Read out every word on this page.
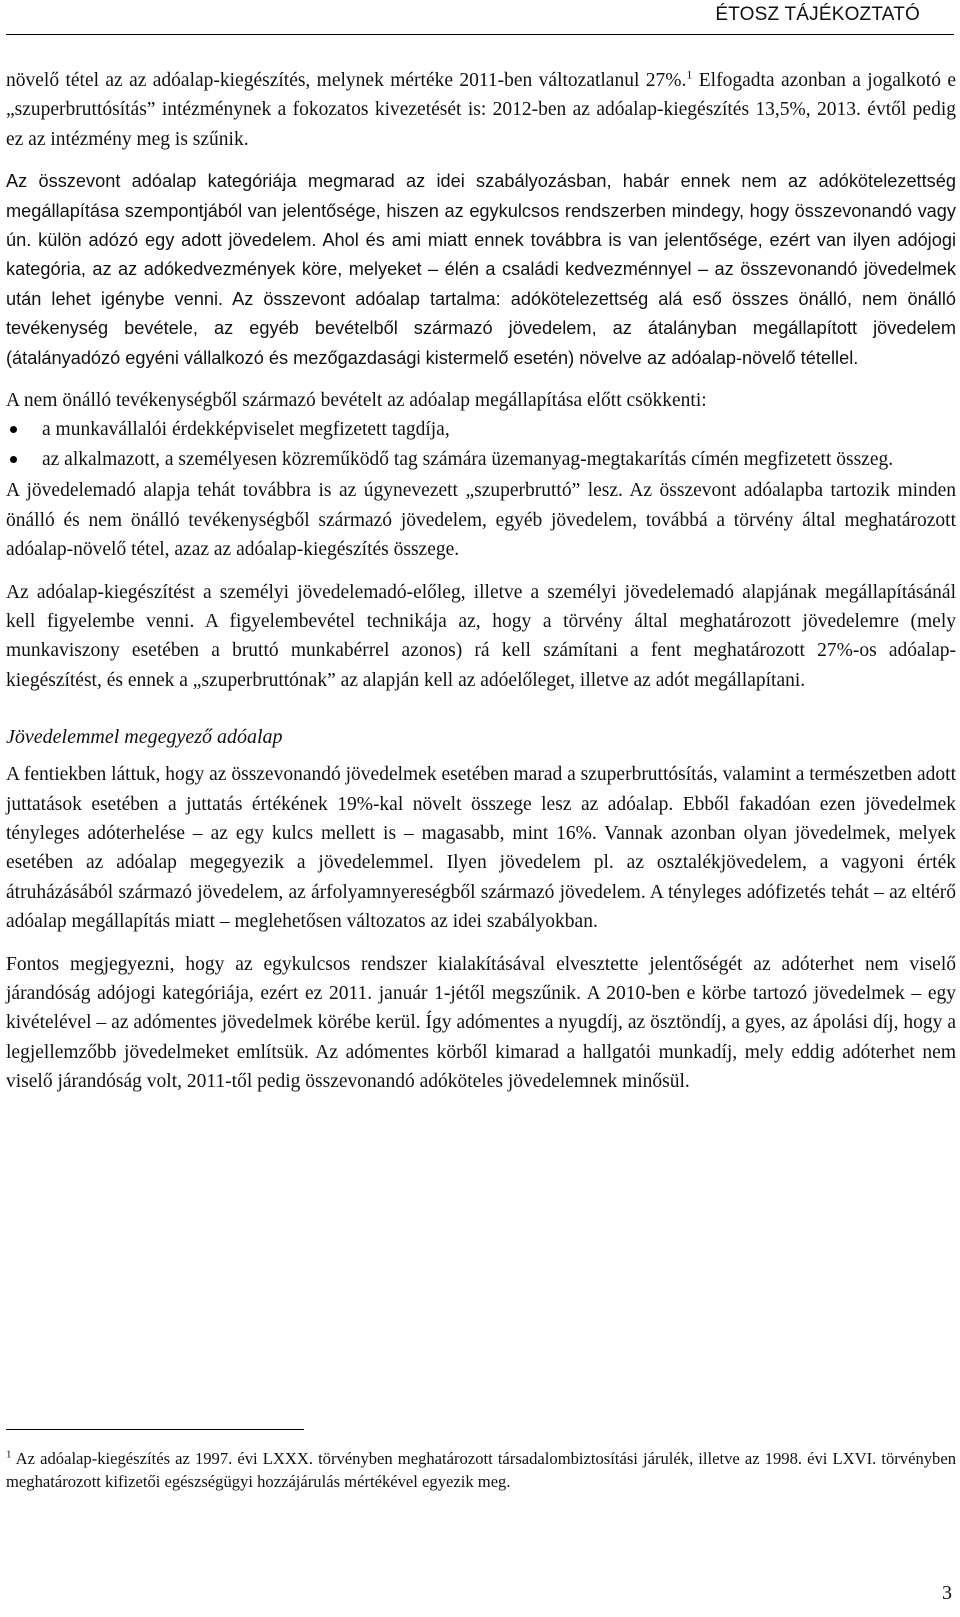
ÉTOSZ TÁJÉKOZTATÓ

növelő tétel az az adóalap-kiegészítés, melynek mértéke 2011-ben változatlanul 27%.$^1$ Elfogadta azonban a jogalkotó e „szuperbruttósítás” intézménynek a fokozatos kivezetését is: 2012-ben az adóalap-kiegészítés 13,5%, 2013. évtől pedig ez az intézmény meg is szűnik.

Az összevont adóalap kategóriája megmarad az idei szabályozásban, habár ennek nem az adókötelezettség megállapítása szempontjából van jelentősége, hiszen az egykulcsos rendszerben mindegy, hogy összevonandó vagy ún. külön adózó egy adott jövedelem. Ahol és ami miatt ennek továbbra is van jelentősége, ezért van ilyen adójogi kategória, az az adókedvezmények köre, melyeket – élén a családi kedvezménnyel – az összevonandó jövedelmek után lehet igénybe venni. Az összevont adóalap tartalma: adókötelezettség alá eső összes önálló, nem önálló tevékenység bevétele, az egyéb bevételből származó jövedelem, az átalányban megállapított jövedelem (átalányadózó egyéni vállalkozó és mezőgazdasági kistermelő esetén) növelve az adóalap-növelő tétellel.

A nem önálló tevékenységből származó bevételt az adóalap megállapítása előtt csökkenti:

a munkavállalói érdekképviselet megfizetett tagdíja,
az alkalmazott, a személyesen közreműködő tag számára üzemanyag-megtakarítás címén megfizetett összeg.

A jövedelemadó alapja tehát továbbra is az úgynevezett „szuperbruttó” lesz. Az összevont adóalapba tartozik minden önálló és nem önálló tevékenységből származó jövedelem, egyéb jövedelem, továbbá a törvény által meghatározott adóalap-növelő tétel, azaz az adóalap-kiegészítés összege.

Az adóalap-kiegészítést a személyi jövedelemadó-előleg, illetve a személyi jövedelemadó alapjának megállapításánál kell figyelembe venni. A figyelembevétel technikája az, hogy a törvény által meghatározott jövedelemre (mely munkaviszony esetében a bruttó munkabérrel azonos) rá kell számítani a fent meghatározott 27%-os adóalap-kiegészítést, és ennek a „szuperbruttónak” az alapján kell az adóelőleget, illetve az adót megállapítani.

Jövedelemmel megegyező adóalap

A fentiekben láttuk, hogy az összevonandó jövedelmek esetében marad a szuperbruttósítás, valamint a természetben adott juttatások esetében a juttatás értékének 19%-kal növelt összege lesz az adóalap. Ebből fakadóan ezen jövedelmek tényleges adóterhelése – az egy kulcs mellett is – magasabb, mint 16%. Vannak azonban olyan jövedelmek, melyek esetében az adóalap megegyezik a jövedelemmel. Ilyen jövedelem pl. az osztalékjövedelem, a vagyoni érték átruházásából származó jövedelem, az árfolyamnyereségből származó jövedelem. A tényleges adófizetés tehát – az eltérő adóalap megállapítás miatt – meglehetősen változatos az idei szabályokban.

Fontos megjegyezni, hogy az egykulcsos rendszer kialakításával elvesztette jelentőségét az adóterhet nem viselő járandóság adójogi kategóriája, ezért ez 2011. január 1-jétől megszűnik. A 2010-ben e körbe tartozó jövedelmek – egy kivételével – az adómentes jövedelmek körébe kerül. Így adómentes a nyugdíj, az ösztöndíj, a gyes, az ápolási díj, hogy a legjellemzőbb jövedelmeket említsük. Az adómentes körből kimarad a hallgatói munkadíj, mely eddig adóterhet nem viselő járandóság volt, 2011-től pedig összevonandó adóköteles jövedelemnek minősül.

$^1$ Az adóalap-kiegészítés az 1997. évi LXXX. törvényben meghatározott társadalombiztosítási járulék, illetve az 1998. évi LXVI. törvényben meghatározott kifizetői egészségügyi hozzájárulás mértékével egyezik meg.
3
